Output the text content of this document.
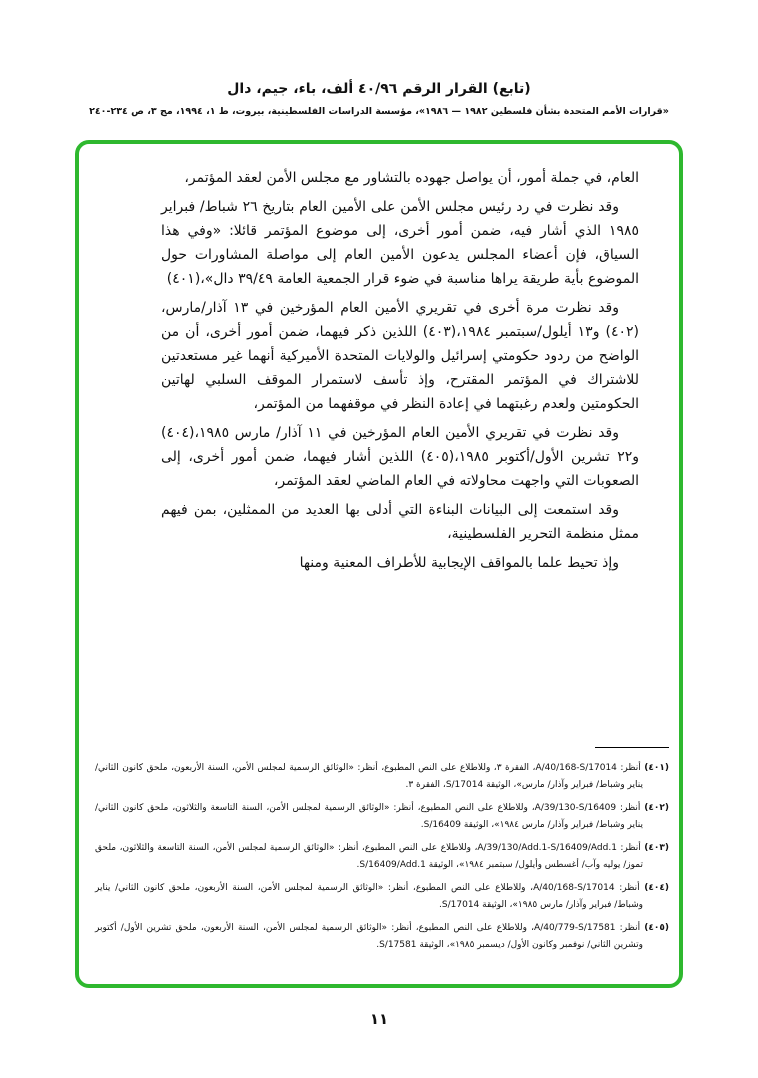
(تابع) القرار الرقم ٤٠/٩٦ ألف، باء، جيم، دال
«قرارات الأمم المتحدة بشأن فلسطين ١٩٨٢ — ١٩٨٦»، مؤسسة الدراسات الفلسطينية، بيروت، ط ١، ١٩٩٤، مج ٣، ص ٢٣٤-٢٤٠

العام، في جملة أمور، أن يواصل جهوده بالتشاور مع مجلس الأمن لعقد المؤتمر،

وقد نظرت في رد رئيس مجلس الأمن على الأمين العام بتاريخ ٢٦ شباط/ فبراير ١٩٨٥ الذي أشار فيه، ضمن أمور أخرى، إلى موضوع المؤتمر قائلا: «وفي هذا السياق، فإن أعضاء المجلس يدعون الأمين العام إلى مواصلة المشاورات حول الموضوع بأية طريقة يراها مناسبة في ضوء قرار الجمعية العامة ٣٩/٤٩ دال»،(٤٠١)

وقد نظرت مرة أخرى في تقريري الأمين العام المؤرخين في ١٣ آذار/مارس،(٤٠٢) و١٣ أيلول/سبتمبر ١٩٨٤،(٤٠٣) اللذين ذكر فيهما، ضمن أمور أخرى، أن من الواضح من ردود حكومتي إسرائيل والولايات المتحدة الأميركية أنهما غير مستعدتين للاشتراك في المؤتمر المقترح، وإذ تأسف لاستمرار الموقف السلبي لهاتين الحكومتين ولعدم رغبتهما في إعادة النظر في موقفهما من المؤتمر،

وقد نظرت في تقريري الأمين العام المؤرخين في ١١ آذار/ مارس ١٩٨٥،(٤٠٤) و٢٢ تشرين الأول/أكتوبر ١٩٨٥،(٤٠٥) اللذين أشار فيهما، ضمن أمور أخرى، إلى الصعوبات التي واجهت محاولاته في العام الماضي لعقد المؤتمر،

وقد استمعت إلى البيانات البناءة التي أدلى بها العديد من الممثلين، بمن فيهم ممثل منظمة التحرير الفلسطينية،

وإذ تحيط علما بالمواقف الإيجابية للأطراف المعنية ومنها

(٤٠١) أنظر: A/40/168-S/17014، الفقرة ٣، وللاطلاع على النص المطبوع، أنظر: «الوثائق الرسمية لمجلس الأمن، السنة الأربعون، ملحق كانون الثاني/ يناير وشباط/ فبراير وآذار/ مارس»، الوثيقة S/17014، الفقرة ٣.

(٤٠٢) أنظر: A/39/130-S/16409، وللاطلاع على النص المطبوع، أنظر: «الوثائق الرسمية لمجلس الأمن، السنة التاسعة والثلاثون، ملحق كانون الثاني/ يناير وشباط/ فبراير وآذار/ مارس ١٩٨٤»، الوثيقة S/16409.

(٤٠٣) أنظر: A/39/130/Add.1-S/16409/Add.1، وللاطلاع على النص المطبوع، أنظر: «الوثائق الرسمية لمجلس الأمن، السنة التاسعة والثلاثون، ملحق تموز/ يوليه وآب/ أغسطس وأيلول/ سبتمبر ١٩٨٤»، الوثيقة S/16409/Add.1.

(٤٠٤) أنظر: A/40/168-S/17014، وللاطلاع على النص المطبوع، أنظر: «الوثائق الرسمية لمجلس الأمن، السنة الأربعون، ملحق كانون الثاني/ يناير وشباط/ فبراير وآذار/ مارس ١٩٨٥»، الوثيقة S/17014.

(٤٠٥) أنظر: A/40/779-S/17581، وللاطلاع على النص المطبوع، أنظر: «الوثائق الرسمية لمجلس الأمن، السنة الأربعون، ملحق تشرين الأول/ أكتوبر وتشرين الثاني/ نوفمبر وكانون الأول/ ديسمبر ١٩٨٥»، الوثيقة S/17581.

١١
